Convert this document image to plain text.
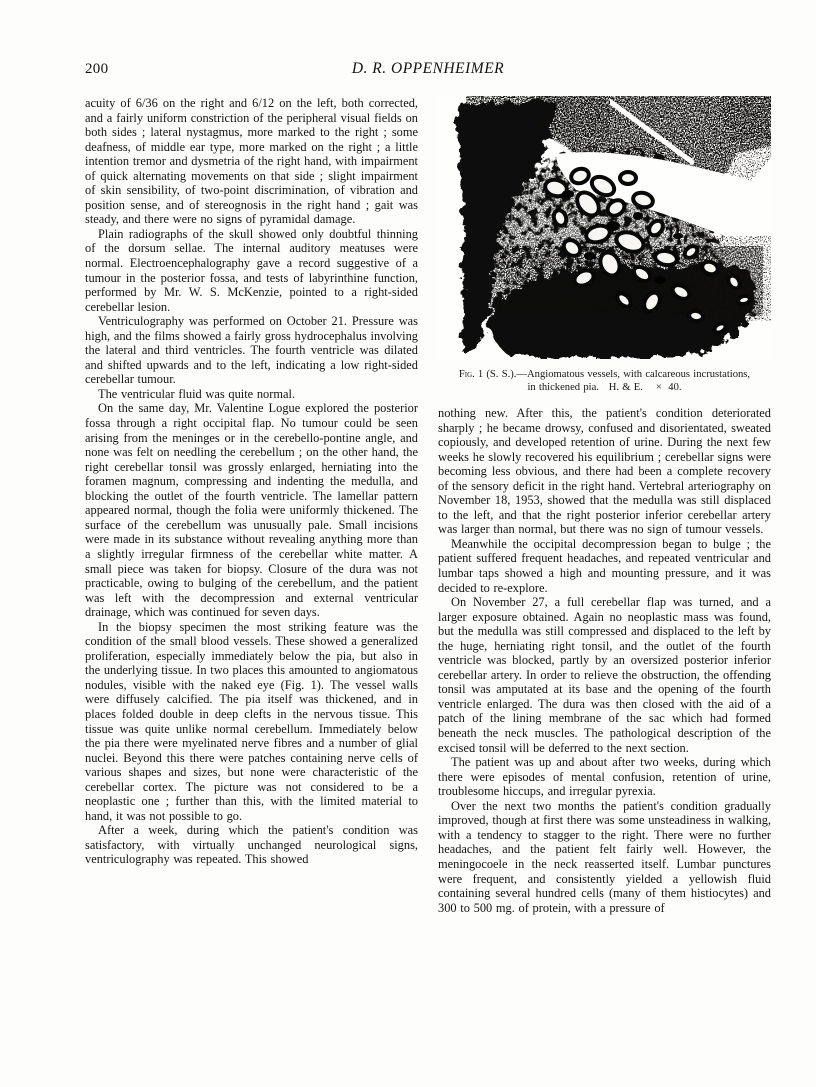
200	D. R. OPPENHEIMER

acuity of 6/36 on the right and 6/12 on the left, both corrected, and a fairly uniform constriction of the peripheral visual fields on both sides ; lateral nystagmus, more marked to the right ; some deafness, of middle ear type, more marked on the right ; a little intention tremor and dysmetria of the right hand, with impairment of quick alternating movements on that side ; slight impairment of skin sensibility, of two-point discrimination, of vibration and position sense, and of stereognosis in the right hand ; gait was steady, and there were no signs of pyramidal damage.

Plain radiographs of the skull showed only doubtful thinning of the dorsum sellae. The internal auditory meatuses were normal. Electroencephalography gave a record suggestive of a tumour in the posterior fossa, and tests of labyrinthine function, performed by Mr. W. S. McKenzie, pointed to a right-sided cerebellar lesion.

Ventriculography was performed on October 21. Pressure was high, and the films showed a fairly gross hydrocephalus involving the lateral and third ventricles. The fourth ventricle was dilated and shifted upwards and to the left, indicating a low right-sided cerebellar tumour.

The ventricular fluid was quite normal.

On the same day, Mr. Valentine Logue explored the posterior fossa through a right occipital flap. No tumour could be seen arising from the meninges or in the cerebello-pontine angle, and none was felt on needling the cerebellum ; on the other hand, the right cerebellar tonsil was grossly enlarged, herniating into the foramen magnum, compressing and indenting the medulla, and blocking the outlet of the fourth ventricle. The lamellar pattern appeared normal, though the folia were uniformly thickened. The surface of the cerebellum was unusually pale. Small incisions were made in its substance without revealing anything more than a slightly irregular firmness of the cerebellar white matter. A small piece was taken for biopsy. Closure of the dura was not practicable, owing to bulging of the cerebellum, and the patient was left with the decompression and external ventricular drainage, which was continued for seven days.

In the biopsy specimen the most striking feature was the condition of the small blood vessels. These showed a generalized proliferation, especially immediately below the pia, but also in the underlying tissue. In two places this amounted to angiomatous nodules, visible with the naked eye (Fig. 1). The vessel walls were diffusely calcified. The pia itself was thickened, and in places folded double in deep clefts in the nervous tissue. This tissue was quite unlike normal cerebellum. Immediately below the pia there were myelinated nerve fibres and a number of glial nuclei. Beyond this there were patches containing nerve cells of various shapes and sizes, but none were characteristic of the cerebellar cortex. The picture was not considered to be a neoplastic one ; further than this, with the limited material to hand, it was not possible to go.

After a week, during which the patient's condition was satisfactory, with virtually unchanged neurological signs, ventriculography was repeated. This showed

Fig. 1 (S. S.).—Angiomatous vessels, with calcareous incrustations,
in thickened pia.   H. & E.    ×  40.

nothing new. After this, the patient's condition deteriorated sharply ; he became drowsy, confused and disorientated, sweated copiously, and developed retention of urine. During the next few weeks he slowly recovered his equilibrium ; cerebellar signs were becoming less obvious, and there had been a complete recovery of the sensory deficit in the right hand. Vertebral arteriography on November 18, 1953, showed that the medulla was still displaced to the left, and that the right posterior inferior cerebellar artery was larger than normal, but there was no sign of tumour vessels.

Meanwhile the occipital decompression began to bulge ; the patient suffered frequent headaches, and repeated ventricular and lumbar taps showed a high and mounting pressure, and it was decided to re-explore.

On November 27, a full cerebellar flap was turned, and a larger exposure obtained. Again no neoplastic mass was found, but the medulla was still compressed and displaced to the left by the huge, herniating right tonsil, and the outlet of the fourth ventricle was blocked, partly by an oversized posterior inferior cerebellar artery. In order to relieve the obstruction, the offending tonsil was amputated at its base and the opening of the fourth ventricle enlarged. The dura was then closed with the aid of a patch of the lining membrane of the sac which had formed beneath the neck muscles. The pathological description of the excised tonsil will be deferred to the next section.

The patient was up and about after two weeks, during which there were episodes of mental confusion, retention of urine, troublesome hiccups, and irregular pyrexia.

Over the next two months the patient's condition gradually improved, though at first there was some unsteadiness in walking, with a tendency to stagger to the right. There were no further headaches, and the patient felt fairly well. However, the meningocoele in the neck reasserted itself. Lumbar punctures were frequent, and consistently yielded a yellowish fluid containing several hundred cells (many of them histiocytes) and 300 to 500 mg. of protein, with a pressure of
